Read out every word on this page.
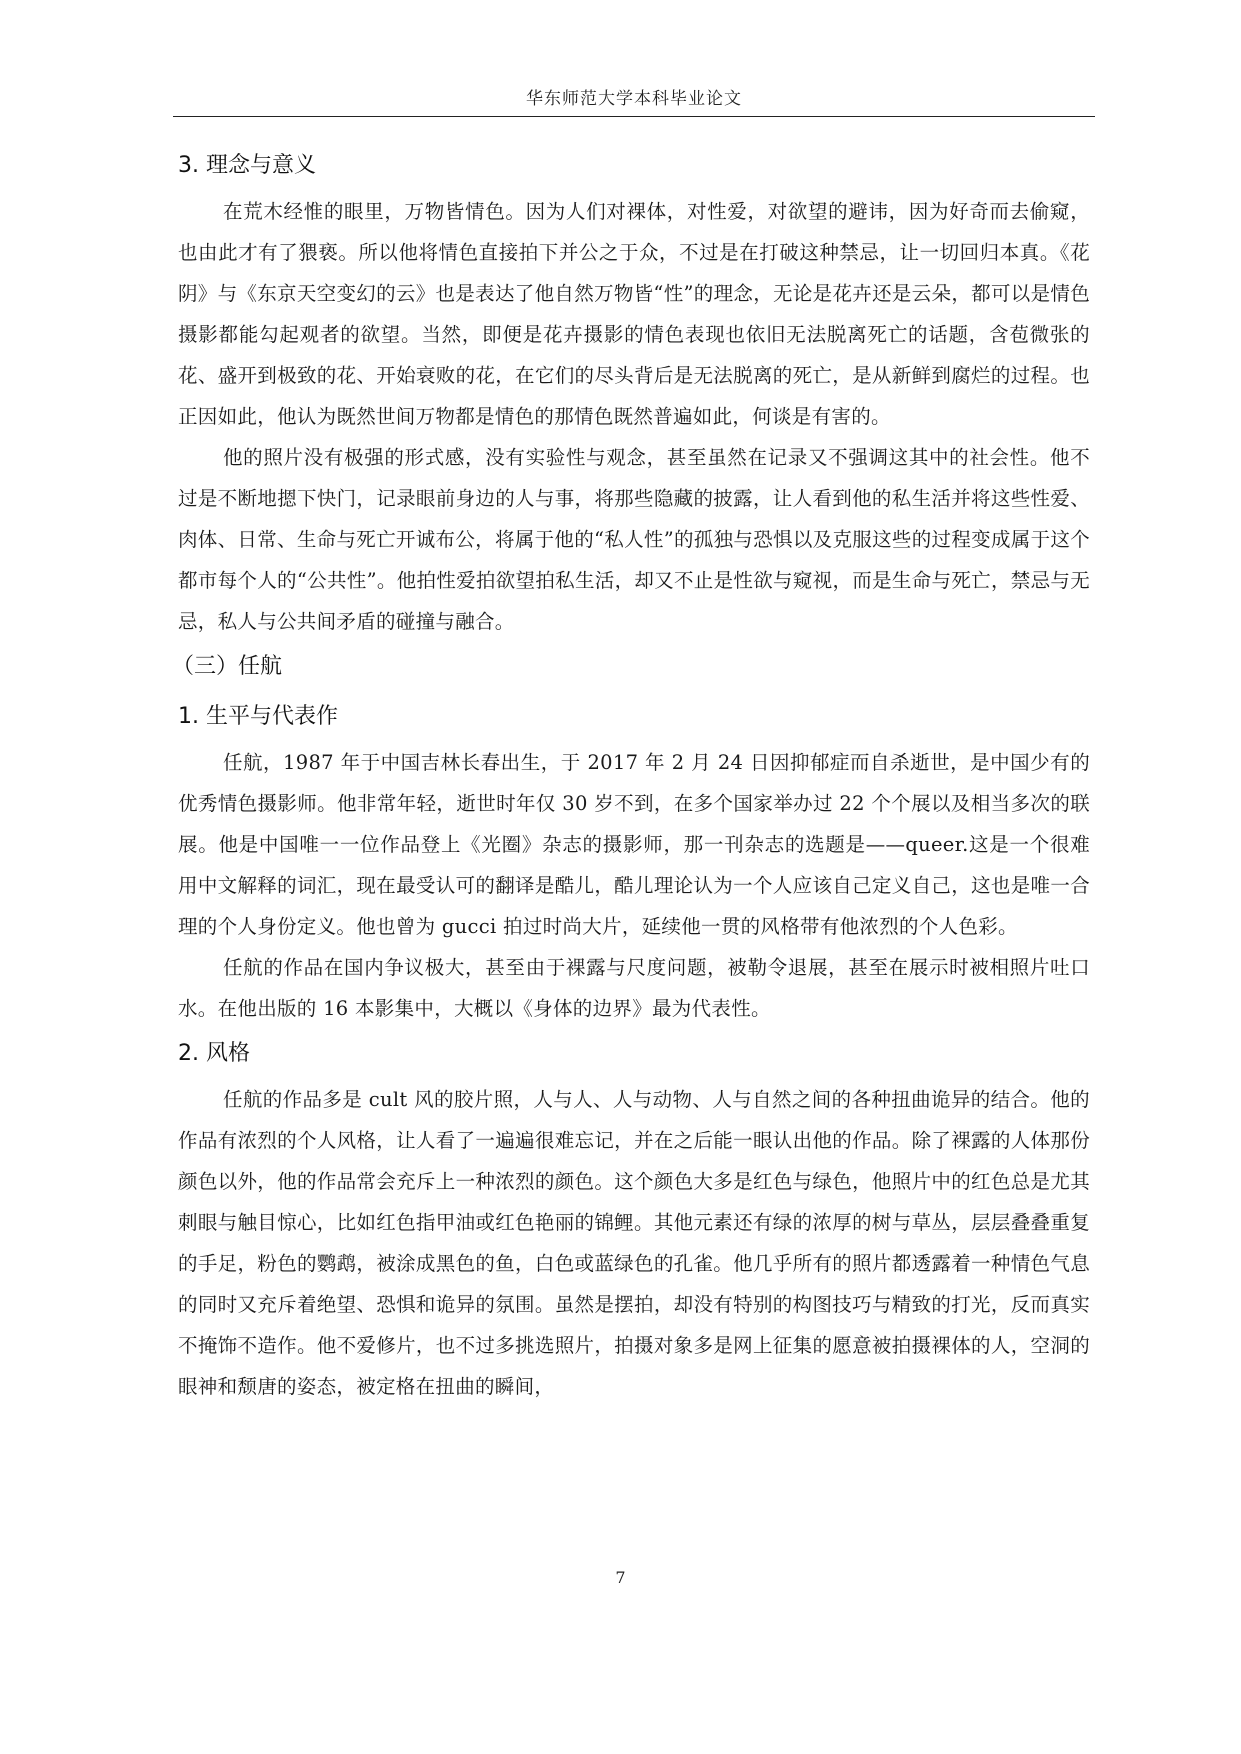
华东师范大学本科毕业论文
3. 理念与意义

在荒木经惟的眼里，万物皆情色。因为人们对裸体，对性爱，对欲望的避讳，因为好奇而去偷窥，也由此才有了猥亵。所以他将情色直接拍下并公之于众，不过是在打破这种禁忌，让一切回归本真。《花阴》与《东京天空变幻的云》也是表达了他自然万物皆“性”的理念，无论是花卉还是云朵，都可以是情色摄影都能勾起观者的欲望。当然，即便是花卉摄影的情色表现也依旧无法脱离死亡的话题，含苞微张的花、盛开到极致的花、开始衰败的花，在它们的尽头背后是无法脱离的死亡，是从新鲜到腐烂的过程。也正因如此，他认为既然世间万物都是情色的那情色既然普遍如此，何谈是有害的。

他的照片没有极强的形式感，没有实验性与观念，甚至虽然在记录又不强调这其中的社会性。他不过是不断地摁下快门，记录眼前身边的人与事，将那些隐藏的披露，让人看到他的私生活并将这些性爱、肉体、日常、生命与死亡开诚布公，将属于他的“私人性”的孤独与恐惧以及克服这些的过程变成属于这个都市每个人的“公共性”。他拍性爱拍欲望拍私生活，却又不止是性欲与窥视，而是生命与死亡，禁忌与无忌，私人与公共间矛盾的碰撞与融合。

（三）任航
1. 生平与代表作

任航，1987 年于中国吉林长春出生，于 2017 年 2 月 24 日因抑郁症而自杀逝世，是中国少有的优秀情色摄影师。他非常年轻，逝世时年仅 30 岁不到，在多个国家举办过 22 个个展以及相当多次的联展。他是中国唯一一位作品登上《光圈》杂志的摄影师，那一刊杂志的选题是——queer.这是一个很难用中文解释的词汇，现在最受认可的翻译是酷儿，酷儿理论认为一个人应该自己定义自己，这也是唯一合理的个人身份定义。他也曾为 gucci 拍过时尚大片，延续他一贯的风格带有他浓烈的个人色彩。

任航的作品在国内争议极大，甚至由于裸露与尺度问题，被勒令退展，甚至在展示时被相照片吐口水。在他出版的 16 本影集中，大概以《身体的边界》最为代表性。

2. 风格

任航的作品多是 cult 风的胶片照，人与人、人与动物、人与自然之间的各种扭曲诡异的结合。他的作品有浓烈的个人风格，让人看了一遍遍很难忘记，并在之后能一眼认出他的作品。除了裸露的人体那份颜色以外，他的作品常会充斥上一种浓烈的颜色。这个颜色大多是红色与绿色，他照片中的红色总是尤其刺眼与触目惊心，比如红色指甲油或红色艳丽的锦鲤。其他元素还有绿的浓厚的树与草丛，层层叠叠重复的手足，粉色的鹦鹉，被涂成黑色的鱼，白色或蓝绿色的孔雀。他几乎所有的照片都透露着一种情色气息的同时又充斥着绝望、恐惧和诡异的氛围。虽然是摆拍，却没有特别的构图技巧与精致的打光，反而真实不掩饰不造作。他不爱修片，也不过多挑选照片，拍摄对象多是网上征集的愿意被拍摄裸体的人，空洞的眼神和颓唐的姿态，被定格在扭曲的瞬间，

7
